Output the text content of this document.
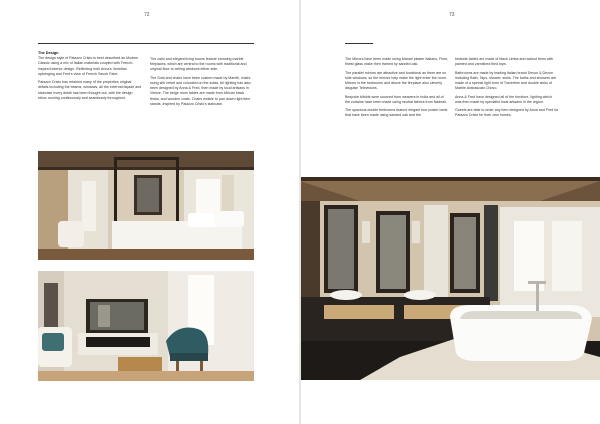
72
The Design

The design style of Palazzo Cristo is best described as Modern Classic using a mix of Italian materials coupled with French-inspired interior design. Reflecting both Anna's Venetian upbringing and Fred's view of French Savoir Faire.

Palazzo Cristo has retained many of the properties original details including the beams, windows, all the external façade and staircase every detail has been thought out, with the design ethos running continuously and seamlessly throughout.

The calm and elegant living rooms feature stunning marble fireplaces, which are central to the rooms with traditional and original floor to ceiling windows either side.

The Sofa and chairs have been custom made by Marelli, chairs using silk velvet and coloratini on the sofas. All lighting has also been designed by Anna & Fred, then made by local artisans in Venice. The beige room tables are made from African black limba, and wooden coats. Chairs enable to pan down right item stands, inspired by Palazzo Cristo's staircase.

73

The Mirrors have been made using Manari plaster Italiano, Fiore, finest glass make then framed by sanded oak.

The parallel mirrors are attractive and functional as there are no side windows, so the mirrors help make the light enter the room. Mirrors in the bedrooms and above the fireplace also cleverly disguise Televisions.

Bespoke bifolds were sourced from weavers in India and all of the curtains have been made using neutral fabrics from Nadeali.

The spacious double bedrooms feature elegant four-poster beds that have been made using sanded oak and the

bedside tables are made of black Limba and walnut trees with painted and varnished tiled tops.

Bathrooms are made by leading Italian brand Devon & Devon including Bath, Taps, shower, sinks. The baths and showers are made of a special light form of Travertine and double sinks of Marble Arabascato Chovo.

Anna & Fred have designed all of the furniture, lighting which was then made by specialist local artisans in the region.

Guests are able to order any item designed by Anna and Fred for Palazzo Cristo for their own homes.
